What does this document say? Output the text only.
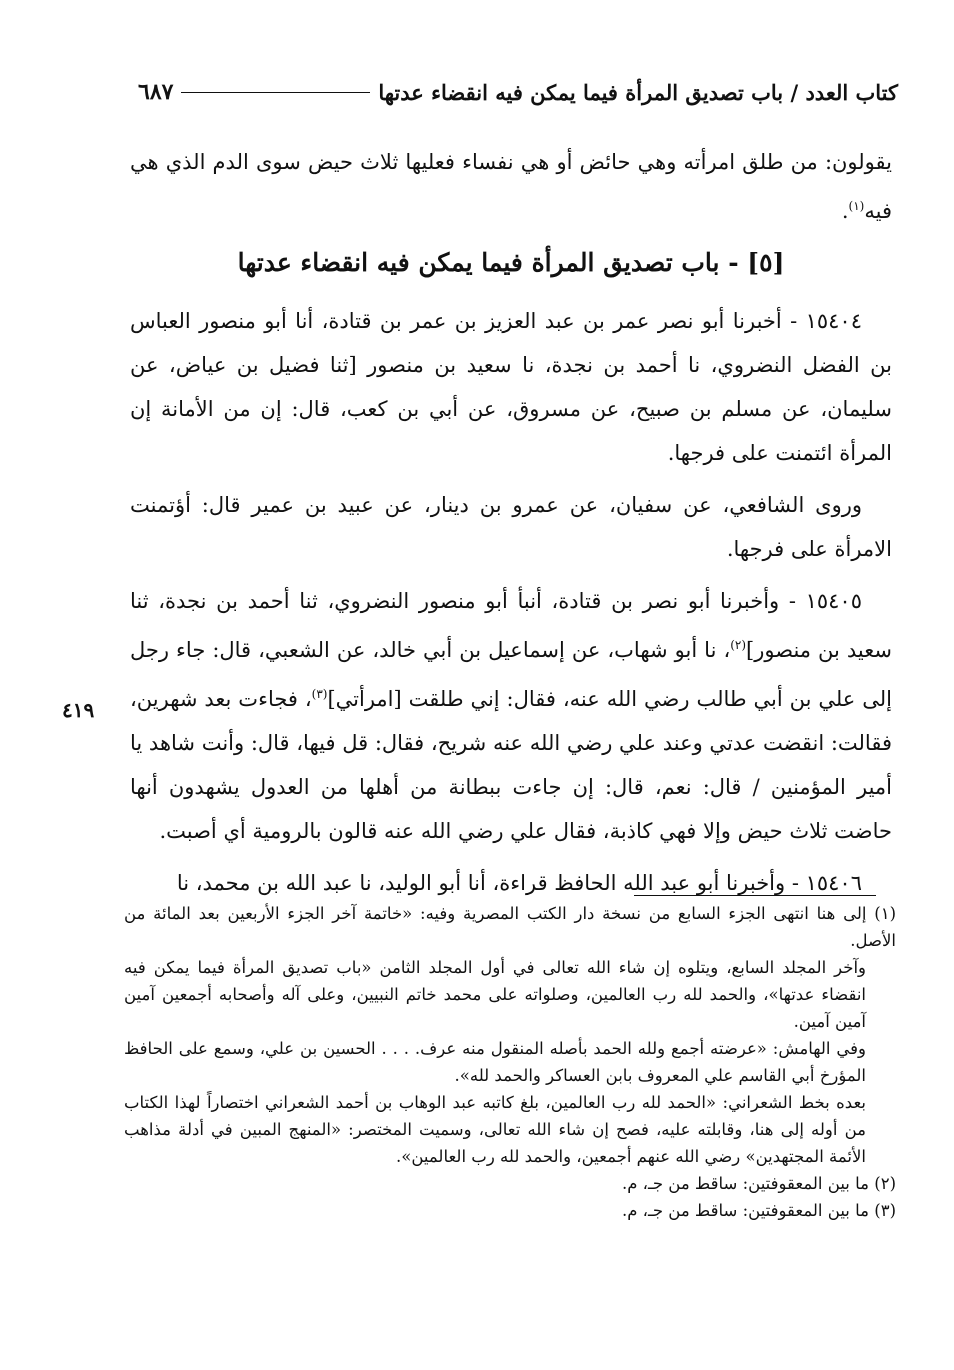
كتاب العدد / باب تصديق المرأة فيما يمكن فيه انقضاء عدتها
٦٨٧

يقولون: من طلق امرأته وهي حائض أو هي نفساء فعليها ثلاث حيض سوى الدم الذي هي فيه$^{(١)}$.

[٥] - باب تصديق المرأة فيما يمكن فيه انقضاء عدتها

١٥٤٠٤ - أخبرنا أبو نصر عمر بن عبد العزيز بن عمر بن قتادة، أنا أبو منصور العباس بن الفضل النضروي، نا أحمد بن نجدة، نا سعيد بن منصور [ثنا فضيل بن عياض، عن سليمان، عن مسلم بن صبيح، عن مسروق، عن أبي بن كعب، قال: إن من الأمانة إن المرأة ائتمنت على فرجها.

وروى الشافعي، عن سفيان، عن عمرو بن دينار، عن عبيد بن عمير قال: أؤتمنت الامرأة على فرجها.

١٥٤٠٥ - وأخبرنا أبو نصر بن قتادة، أنبأ أبو منصور النضروي، ثنا أحمد بن نجدة، ثنا سعيد بن منصور]$^{(٢)}$، نا أبو شهاب، عن إسماعيل بن أبي خالد، عن الشعبي، قال: جاء رجل إلى علي بن أبي طالب رضي الله عنه، فقال: إني طلقت [امرأتي]$^{(٣)}$، فجاءت بعد شهرين، فقالت: انقضت عدتي وعند علي رضي الله عنه شريح، فقال: قل فيها، قال: وأنت شاهد يا أمير المؤمنين / قال: نعم، قال: إن جاءت ببطانة من أهلها من العدول يشهدون أنها حاضت ثلاث حيض وإلا فهي كاذبة، فقال علي رضي الله عنه قالون بالرومية أي أصبت.

١٥٤٠٦ - وأخبرنا أبو عبد الله الحافظ قراءة، أنا أبو الوليد، نا عبد الله بن محمد، نا

٤١٩

(١) إلى هنا انتهى الجزء السابع من نسخة دار الكتب المصرية وفيه: «خاتمة آخر الجزء الأربعين بعد المائة من الأصل.

وآخر المجلد السابع، ويتلوه إن شاء الله تعالى في أول المجلد الثامن «باب تصديق المرأة فيما يمكن فيه انقضاء عدتها»، والحمد لله رب العالمين، وصلواته على محمد خاتم النبيين، وعلى آله وأصحابه أجمعين آمين آمين آمين.

وفي الهامش: «عرضته أجمع ولله الحمد بأصله المنقول منه عرف. . . . الحسين بن علي، وسمع على الحافظ المؤرخ أبي القاسم علي المعروف بابن العساكر والحمد لله».

بعده بخط الشعراني: «الحمد لله رب العالمين، بلغ كاتبه عبد الوهاب بن أحمد الشعراني اختصاراً لهذا الكتاب من أوله إلى هنا، وقابلته عليه، فصح إن شاء الله تعالى، وسميت المختصر: «المنهج المبين في أدلة مذاهب الأئمة المجتهدين» رضي الله عنهم أجمعين، والحمد لله رب العالمين».

(٢) ما بين المعقوفتين: ساقط من جـ، م.

(٣) ما بين المعقوفتين: ساقط من جـ، م.
